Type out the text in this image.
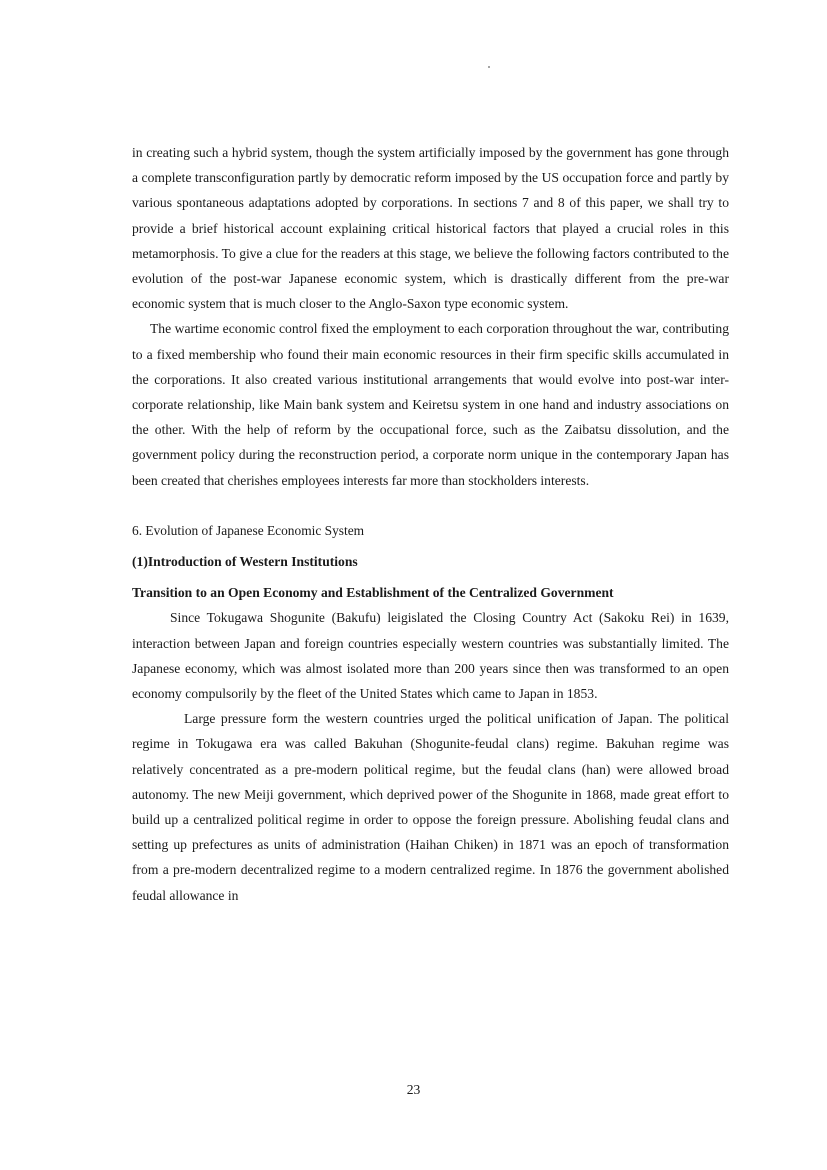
in creating such a hybrid system, though the system artificially imposed by the government has gone through a complete transconfiguration partly by democratic reform imposed by the US occupation force and partly by various spontaneous adaptations adopted by corporations. In sections 7 and 8 of this paper, we shall try to provide a brief historical account explaining critical historical factors that played a crucial roles in this metamorphosis. To give a clue for the readers at this stage, we believe the following factors contributed to the evolution of the post-war Japanese economic system, which is drastically different from the pre-war economic system that is much closer to the Anglo-Saxon type economic system.

The wartime economic control fixed the employment to each corporation throughout the war, contributing to a fixed membership who found their main economic resources in their firm specific skills accumulated in the corporations. It also created various institutional arrangements that would evolve into post-war inter-corporate relationship, like Main bank system and Keiretsu system in one hand and industry associations on the other. With the help of reform by the occupational force, such as the Zaibatsu dissolution, and the government policy during the reconstruction period, a corporate norm unique in the contemporary Japan has been created that cherishes employees interests far more than stockholders interests.

6. Evolution of Japanese Economic System

(1)Introduction of Western Institutions

Transition to an Open Economy and Establishment of the Centralized Government

Since Tokugawa Shogunite (Bakufu) leigislated the Closing Country Act (Sakoku Rei) in 1639, interaction between Japan and foreign countries especially western countries was substantially limited. The Japanese economy, which was almost isolated more than 200 years since then was transformed to an open economy compulsorily by the fleet of the United States which came to Japan in 1853.

Large pressure form the western countries urged the political unification of Japan. The political regime in Tokugawa era was called Bakuhan (Shogunite-feudal clans) regime. Bakuhan regime was relatively concentrated as a pre-modern political regime, but the feudal clans (han) were allowed broad autonomy. The new Meiji government, which deprived power of the Shogunite in 1868, made great effort to build up a centralized political regime in order to oppose the foreign pressure. Abolishing feudal clans and setting up prefectures as units of administration (Haihan Chiken) in 1871 was an epoch of transformation from a pre-modern decentralized regime to a modern centralized regime. In 1876 the government abolished feudal allowance in

23
